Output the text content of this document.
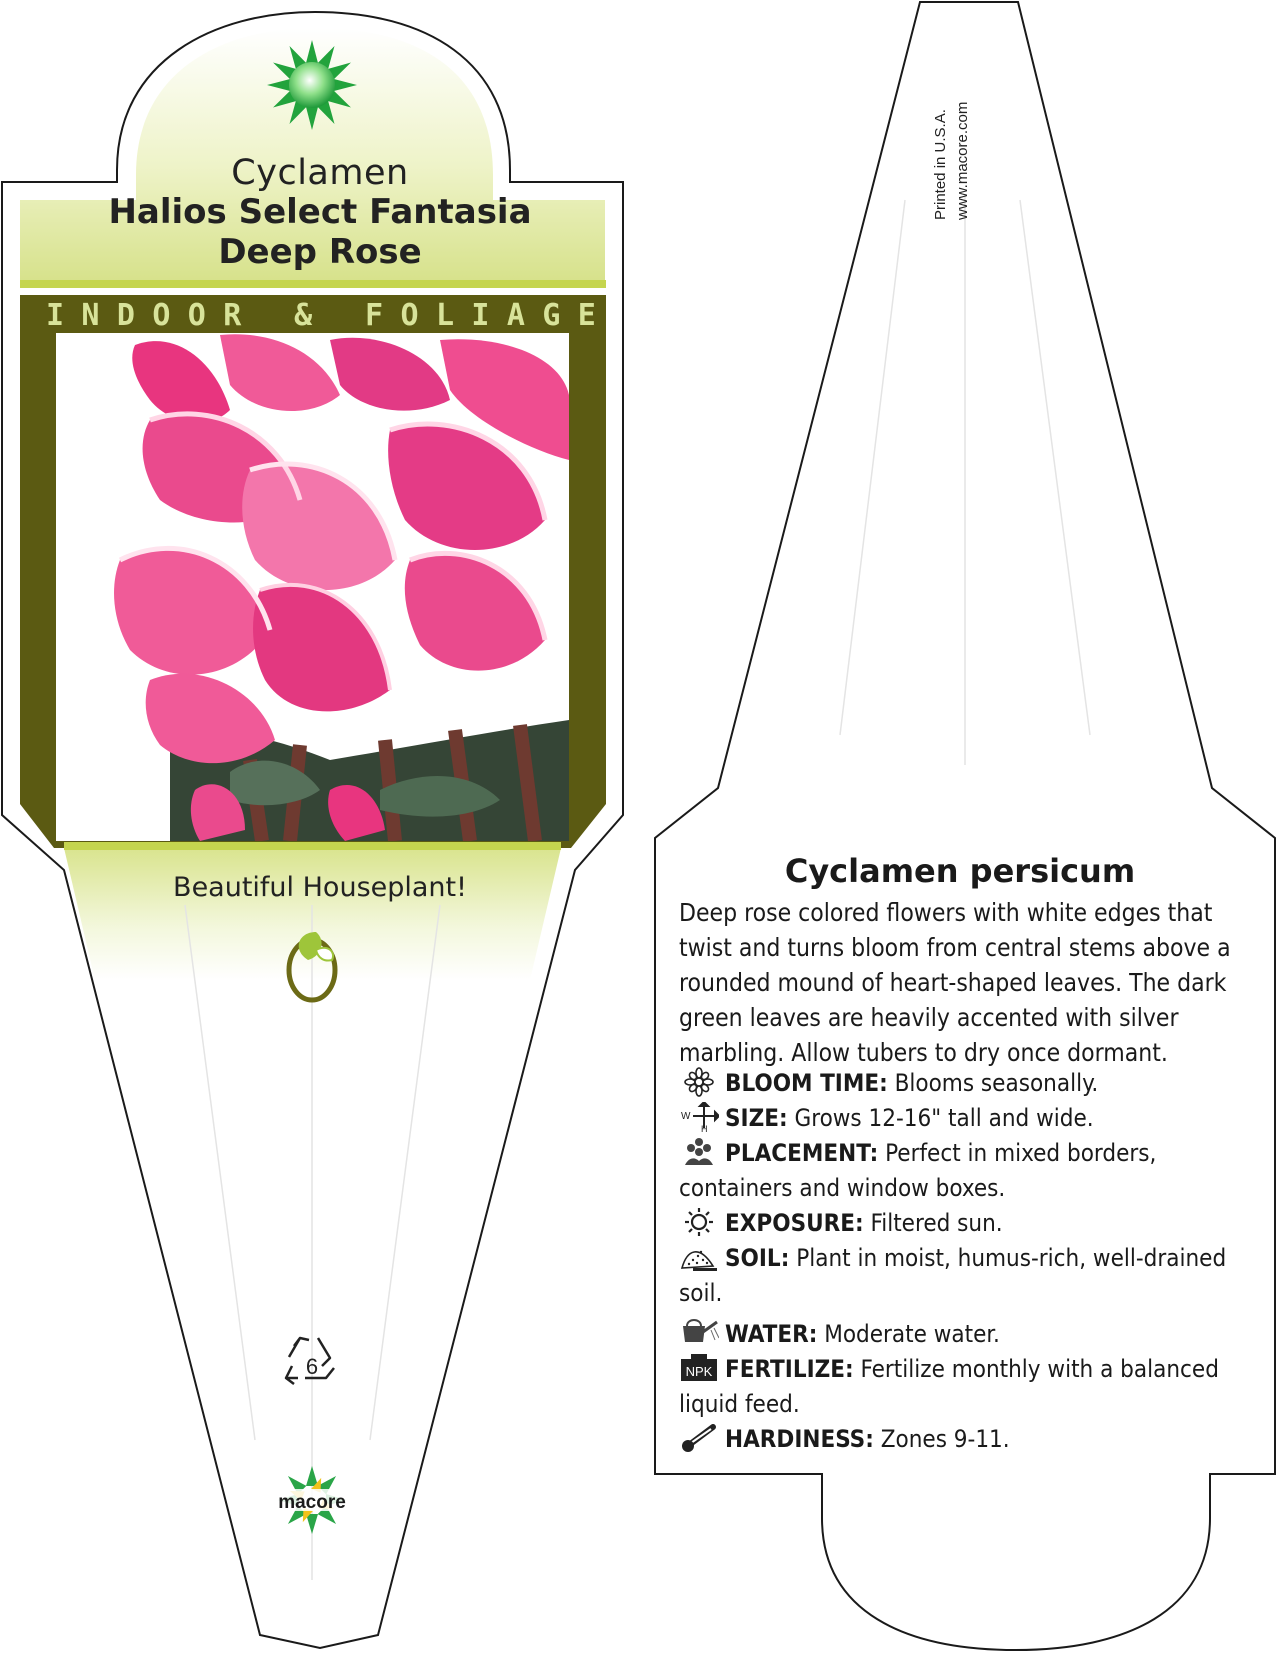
Cyclamen
Halios Select Fantasia
Deep Rose
I N D O O R & F O L I A G E
Beautiful Houseplant!
6
macore
Printed in U.S.A. www.macore.com
Cyclamen persicum
Deep rose colored flowers with white edges that twist and turns bloom from central stems above a rounded mound of heart-shaped leaves. The dark green leaves are heavily accented with silver marbling. Allow tubers to dry once dormant.
BLOOM TIME: Blooms seasonally.
W
H SIZE: Grows 12-16" tall and wide.
PLACEMENT: Perfect in mixed borders, containers and window boxes.
EXPOSURE: Filtered sun.
SOIL: Plant in moist, humus-rich, well-drained soil.
WATER: Moderate water.
NPK FERTILIZE: Fertilize monthly with a balanced liquid feed.
HARDINESS: Zones 9-11.
